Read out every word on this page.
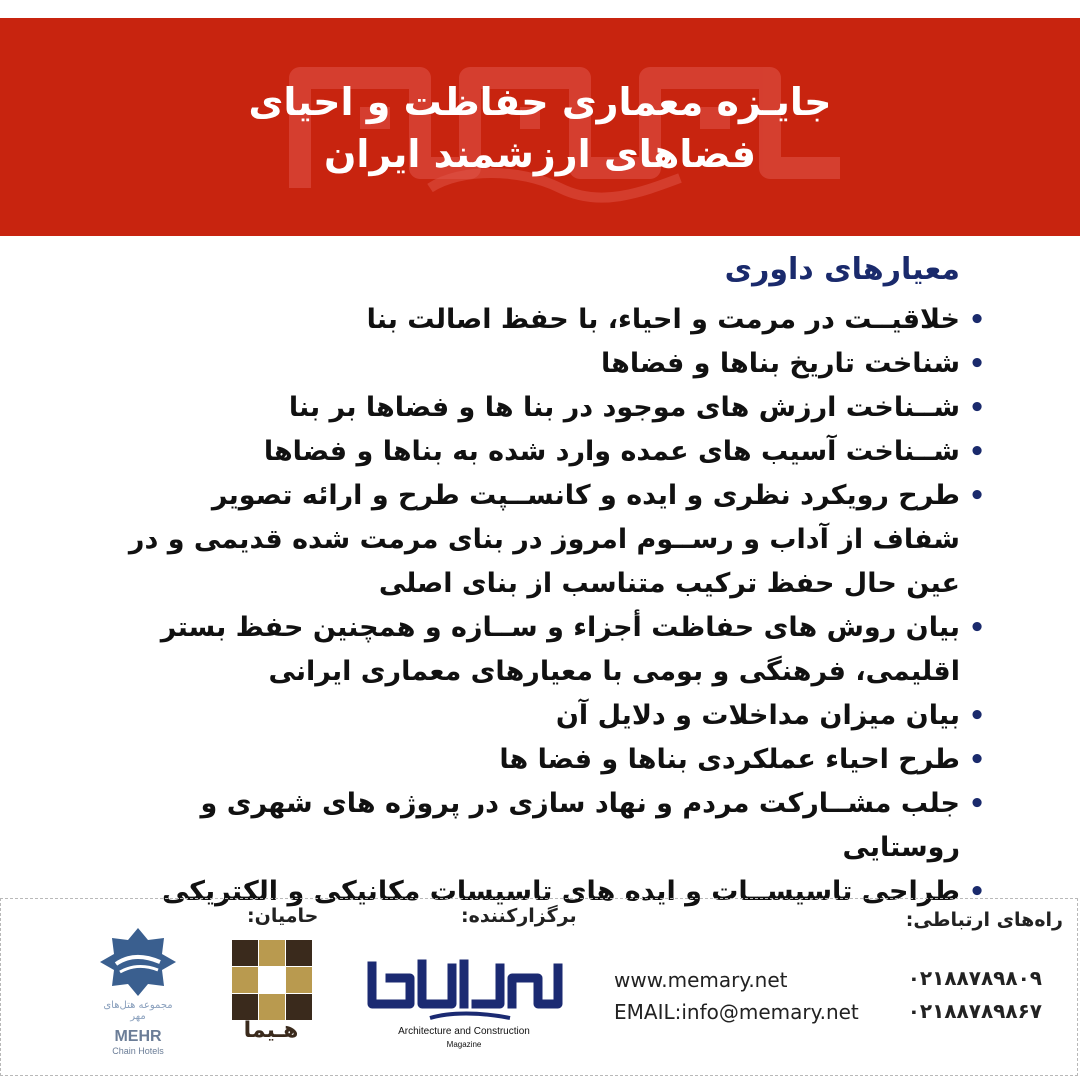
جایـزه معماری حفاظت و احیای
فضاهای ارزشمند ایران
معیارهای داوری
•
خلاقیــت در مرمت و احیاء، با حفظ اصالت بنا
•
شناخت تاریخ بناها و فضاها
•
شــناخت ارزش های موجود در بنا ها و فضاها بر بنا
•
شــناخت آسیب های عمده وارد شده به بناها و فضاها
•
طرح رویکرد نظری و ایده و کانســپت طرح و ارائه تصویر شفاف از آداب و رســوم امروز در بنای مرمت شده قدیمی و در عین حال حفظ ترکیب متناسب از بنای اصلی
•
بیان روش های حفاظت أجزاء و ســازه و همچنین حفظ بستر اقلیمی، فرهنگی و بومی با معیارهای معماری ایرانی
•
بیان میزان مداخلات و دلایل آن
•
طرح احیاء عملکردی بناها و فضا ها
•
جلب مشــارکت مردم و نهاد سازی در پروژه های شهری و روستایی
•
طراحی تاسیســات و ایده های تاسیسات مکانیکی و الکتریکی
راه‌های ارتباطی:
برگزارکننده:
حامیان:
www.memary.net
EMAIL:info@memary.net
۰۲۱۸۸۷۸۹۸۰۹
۰۲۱۸۸۷۸۹۸۶۷
Architecture and Construction
Magazine
هـیما
مجموعه هتل‌های مهر
MEHR
Chain Hotels
